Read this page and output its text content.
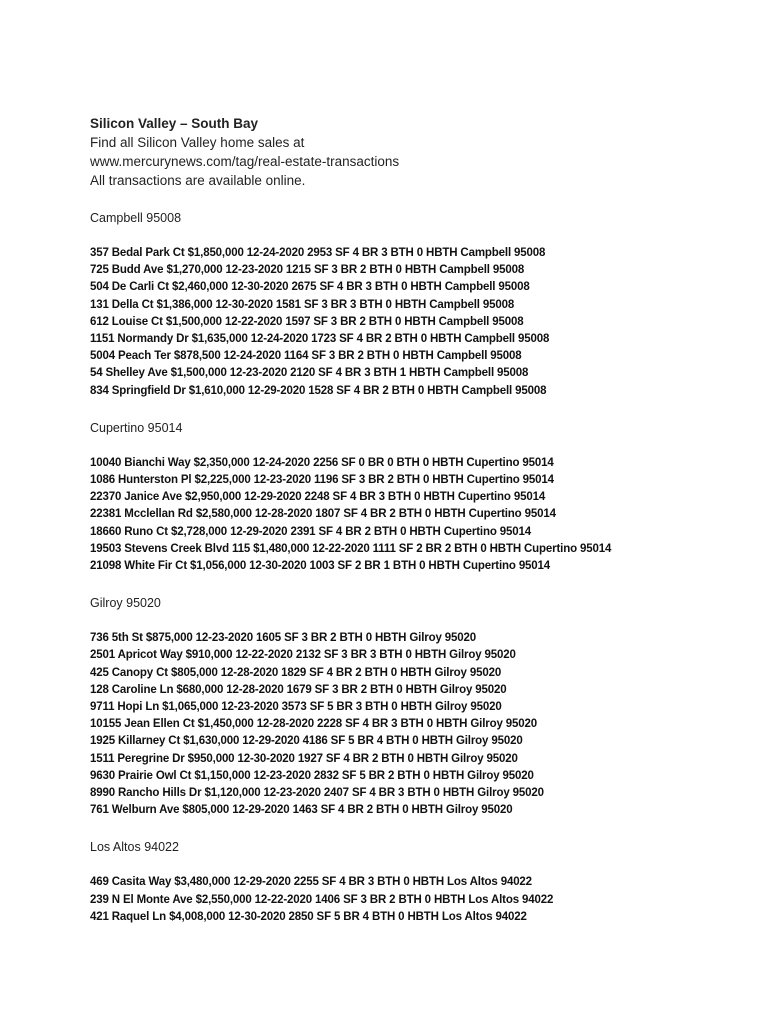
Silicon Valley – South Bay
Find all Silicon Valley home sales at
www.mercurynews.com/tag/real-estate-transactions
All transactions are available online.
Campbell 95008
357 Bedal Park Ct $1,850,000 12-24-2020 2953 SF 4 BR 3 BTH 0 HBTH Campbell 95008
725 Budd Ave $1,270,000 12-23-2020 1215 SF 3 BR 2 BTH 0 HBTH Campbell 95008
504 De Carli Ct $2,460,000 12-30-2020 2675 SF 4 BR 3 BTH 0 HBTH Campbell 95008
131 Della Ct $1,386,000 12-30-2020 1581 SF 3 BR 3 BTH 0 HBTH Campbell 95008
612 Louise Ct $1,500,000 12-22-2020 1597 SF 3 BR 2 BTH 0 HBTH Campbell 95008
1151 Normandy Dr $1,635,000 12-24-2020 1723 SF 4 BR 2 BTH 0 HBTH Campbell 95008
5004 Peach Ter $878,500 12-24-2020 1164 SF 3 BR 2 BTH 0 HBTH Campbell 95008
54 Shelley Ave $1,500,000 12-23-2020 2120 SF 4 BR 3 BTH 1 HBTH Campbell 95008
834 Springfield Dr $1,610,000 12-29-2020 1528 SF 4 BR 2 BTH 0 HBTH Campbell 95008
Cupertino 95014
10040 Bianchi Way $2,350,000 12-24-2020 2256 SF 0 BR 0 BTH 0 HBTH Cupertino 95014
1086 Hunterston Pl $2,225,000 12-23-2020 1196 SF 3 BR 2 BTH 0 HBTH Cupertino 95014
22370 Janice Ave $2,950,000 12-29-2020 2248 SF 4 BR 3 BTH 0 HBTH Cupertino 95014
22381 Mcclellan Rd $2,580,000 12-28-2020 1807 SF 4 BR 2 BTH 0 HBTH Cupertino 95014
18660 Runo Ct $2,728,000 12-29-2020 2391 SF 4 BR 2 BTH 0 HBTH Cupertino 95014
19503 Stevens Creek Blvd 115 $1,480,000 12-22-2020 1111 SF 2 BR 2 BTH 0 HBTH Cupertino 95014
21098 White Fir Ct $1,056,000 12-30-2020 1003 SF 2 BR 1 BTH 0 HBTH Cupertino 95014
Gilroy 95020
736 5th St $875,000 12-23-2020 1605 SF 3 BR 2 BTH 0 HBTH Gilroy 95020
2501 Apricot Way $910,000 12-22-2020 2132 SF 3 BR 3 BTH 0 HBTH Gilroy 95020
425 Canopy Ct $805,000 12-28-2020 1829 SF 4 BR 2 BTH 0 HBTH Gilroy 95020
128 Caroline Ln $680,000 12-28-2020 1679 SF 3 BR 2 BTH 0 HBTH Gilroy 95020
9711 Hopi Ln $1,065,000 12-23-2020 3573 SF 5 BR 3 BTH 0 HBTH Gilroy 95020
10155 Jean Ellen Ct $1,450,000 12-28-2020 2228 SF 4 BR 3 BTH 0 HBTH Gilroy 95020
1925 Killarney Ct $1,630,000 12-29-2020 4186 SF 5 BR 4 BTH 0 HBTH Gilroy 95020
1511 Peregrine Dr $950,000 12-30-2020 1927 SF 4 BR 2 BTH 0 HBTH Gilroy 95020
9630 Prairie Owl Ct $1,150,000 12-23-2020 2832 SF 5 BR 2 BTH 0 HBTH Gilroy 95020
8990 Rancho Hills Dr $1,120,000 12-23-2020 2407 SF 4 BR 3 BTH 0 HBTH Gilroy 95020
761 Welburn Ave $805,000 12-29-2020 1463 SF 4 BR 2 BTH 0 HBTH Gilroy 95020
Los Altos 94022
469 Casita Way $3,480,000 12-29-2020 2255 SF 4 BR 3 BTH 0 HBTH Los Altos 94022
239 N El Monte Ave $2,550,000 12-22-2020 1406 SF 3 BR 2 BTH 0 HBTH Los Altos 94022
421 Raquel Ln $4,008,000 12-30-2020 2850 SF 5 BR 4 BTH 0 HBTH Los Altos 94022
